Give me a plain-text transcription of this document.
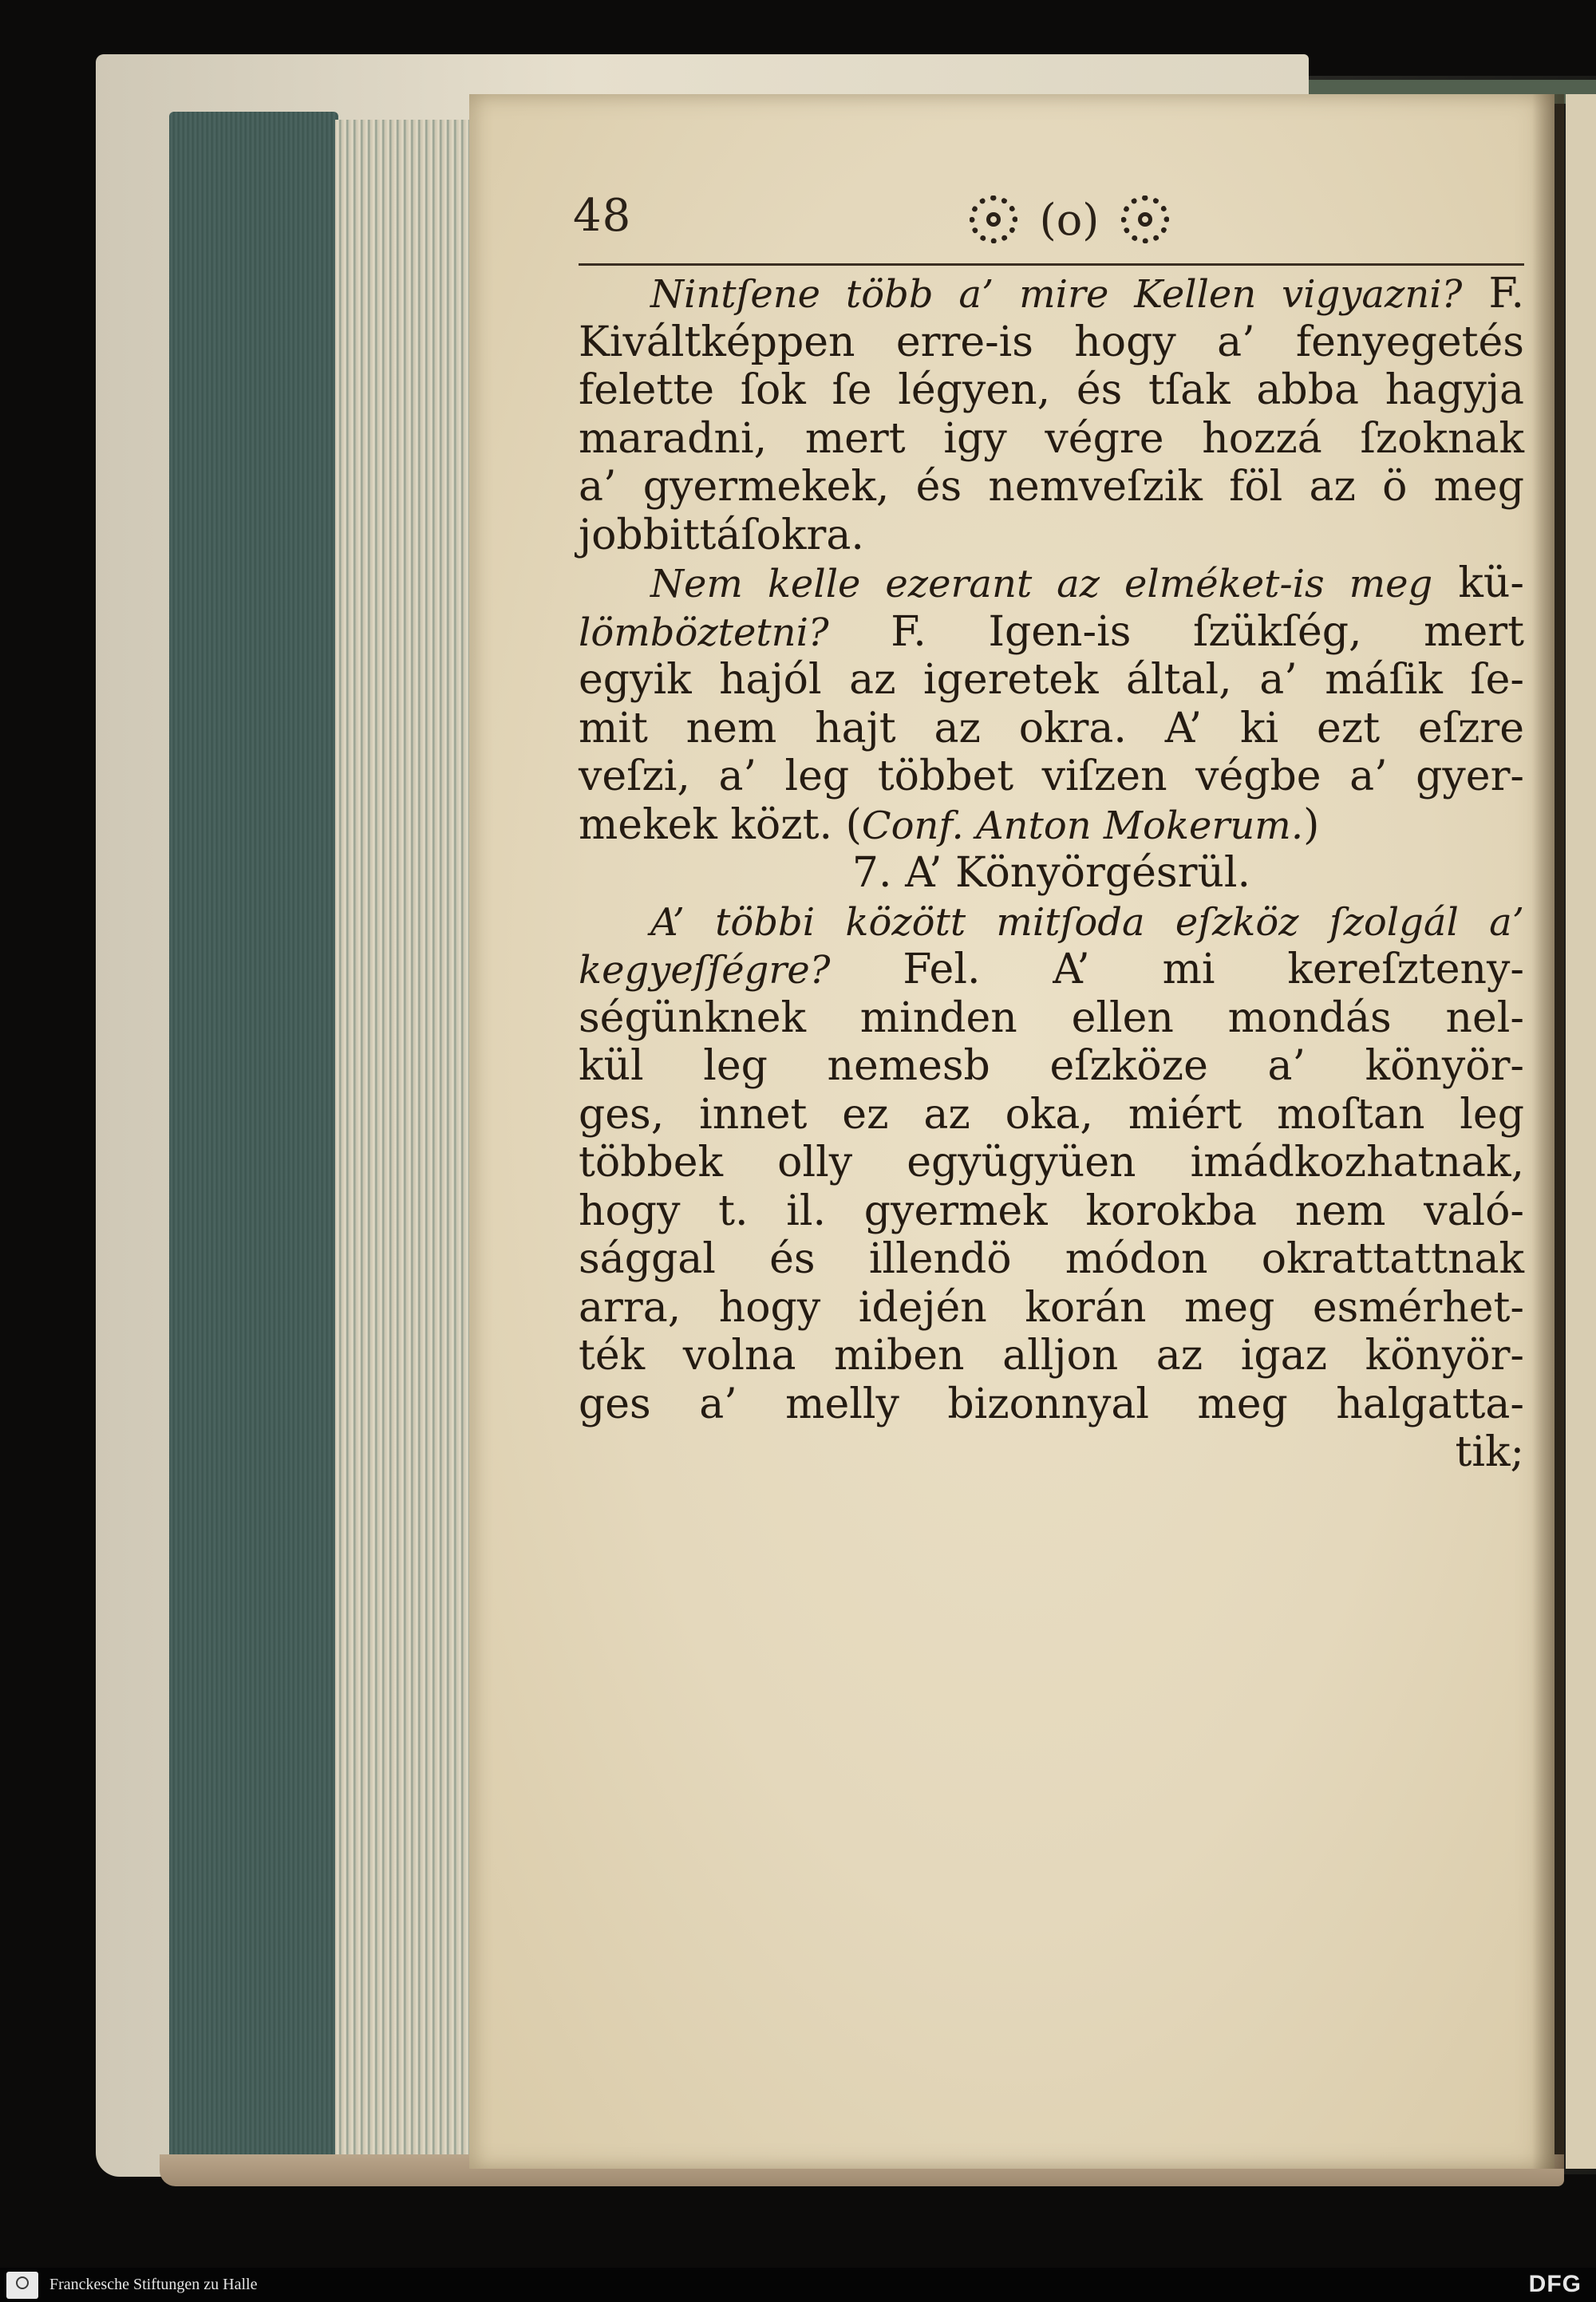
48	(o)
Nintſene több a’ mire Kellen vigyazni? F.
Kiváltképpen erre-is hogy a’ fenyegetés
felette ſok ſe légyen, és tſak abba hagyja
maradni, mert igy végre hozzá ſzoknak
a’ gyermekek, és nemveſzik föl az ö meg
jobbittáſokra.
Nem kelle ezerant az elméket-is meg kü-
lömböztetni? F. Igen-is ſzükſég, mert
egyik hajól az igeretek által, a’ máſik ſe-
mit nem hajt az okra. A’ ki ezt eſzre
veſzi, a’ leg többet viſzen végbe a’ gyer-
mekek közt. (Conf. Anton Mokerum.)
7. A’ Könyörgésrül.
A’ többi között mitſoda eſzköz ſzolgál a’
kegyeſſégre? Fel. A’ mi kereſzteny-
ségünknek minden ellen mondás nel-
kül leg nemesb eſzköze a’ könyör-
ges, innet ez az oka, miért moſtan leg
többek olly együgyüen imádkozhatnak,
hogy t. il. gyermek korokba nem való-
sággal és illendö módon okrattattnak
arra, hogy idején korán meg esmérhet-
ték volna miben alljon az igaz könyör-
ges a’ melly bizonnyal meg halgatta-
tik;
Franckesche Stiftungen zu Halle	DFG
